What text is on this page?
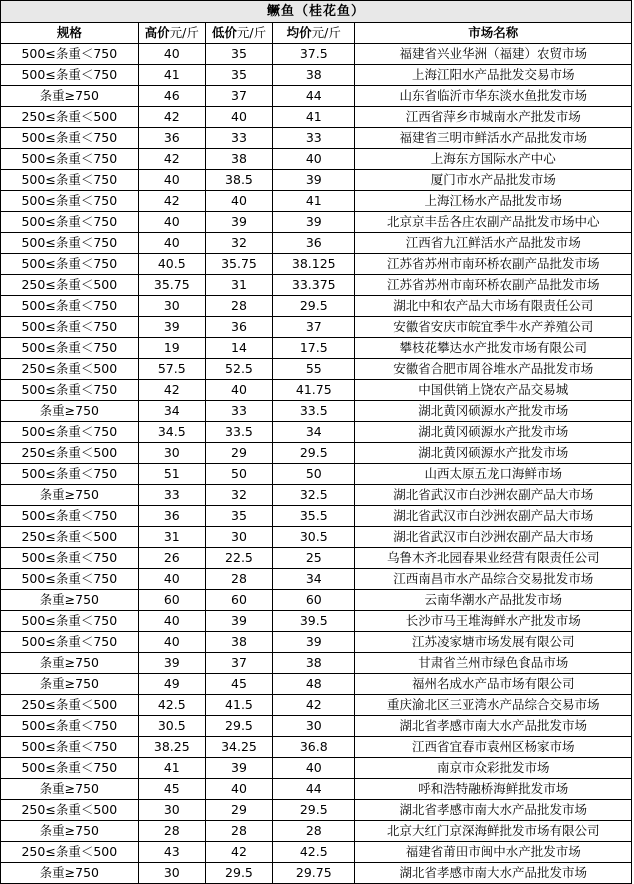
鳜鱼（桂花鱼）				
规格	高价元/斤	低价元/斤	均价元/斤	市场名称
500≤条重＜750	40	35	37.5	福建省兴业华洲（福建）农贸市场
500≤条重＜750	41	35	38	上海江阳水产品批发交易市场
条重≥750	46	37	44	山东省临沂市华东淡水鱼批发市场
250≤条重＜500	42	40	41	江西省萍乡市城南水产批发市场
500≤条重＜750	36	33	33	福建省三明市鲜活水产品批发市场
500≤条重＜750	42	38	40	上海东方国际水产中心
500≤条重＜750	40	38.5	39	厦门市水产品批发市场
500≤条重＜750	42	40	41	上海江杨水产品批发市场
500≤条重＜750	40	39	39	北京京丰岳各庄农副产品批发市场中心
500≤条重＜750	40	32	36	江西省九江鲜活水产品批发市场
500≤条重＜750	40.5	35.75	38.125	江苏省苏州市南环桥农副产品批发市场
250≤条重＜500	35.75	31	33.375	江苏省苏州市南环桥农副产品批发市场
500≤条重＜750	30	28	29.5	湖北中和农产品大市场有限责任公司
500≤条重＜750	39	36	37	安徽省安庆市皖宜季牛水产养殖公司
500≤条重＜750	19	14	17.5	攀枝花攀达水产批发市场有限公司
250≤条重＜500	57.5	52.5	55	安徽省合肥市周谷堆水产品批发市场
500≤条重＜750	42	40	41.75	中国供销上饶农产品交易城
条重≥750	34	33	33.5	湖北黄冈硕源水产批发市场
500≤条重＜750	34.5	33.5	34	湖北黄冈硕源水产批发市场
250≤条重＜500	30	29	29.5	湖北黄冈硕源水产批发市场
500≤条重＜750	51	50	50	山西太原五龙口海鲜市场
条重≥750	33	32	32.5	湖北省武汉市白沙洲农副产品大市场
500≤条重＜750	36	35	35.5	湖北省武汉市白沙洲农副产品大市场
250≤条重＜500	31	30	30.5	湖北省武汉市白沙洲农副产品大市场
500≤条重＜750	26	22.5	25	乌鲁木齐北园春果业经营有限责任公司
500≤条重＜750	40	28	34	江西南昌市水产品综合交易批发市场
条重≥750	60	60	60	云南华潮水产品批发市场
500≤条重＜750	40	39	39.5	长沙市马王堆海鲜水产批发市场
500≤条重＜750	40	38	39	江苏凌家塘市场发展有限公司
条重≥750	39	37	38	甘肃省兰州市绿色食品市场
条重≥750	49	45	48	福州名成水产品市场有限公司
250≤条重＜500	42.5	41.5	42	重庆渝北区三亚湾水产品综合交易市场
500≤条重＜750	30.5	29.5	30	湖北省孝感市南大水产品批发市场
500≤条重＜750	38.25	34.25	36.8	江西省宜春市袁州区杨家市场
500≤条重＜750	41	39	40	南京市众彩批发市场
条重≥750	45	40	44	呼和浩特融桥海鲜批发市场
250≤条重＜500	30	29	29.5	湖北省孝感市南大水产品批发市场
条重≥750	28	28	28	北京大红门京深海鲜批发市场有限公司
250≤条重＜500	43	42	42.5	福建省莆田市闽中水产批发市场
条重≥750	30	29.5	29.75	湖北省孝感市南大水产品批发市场
